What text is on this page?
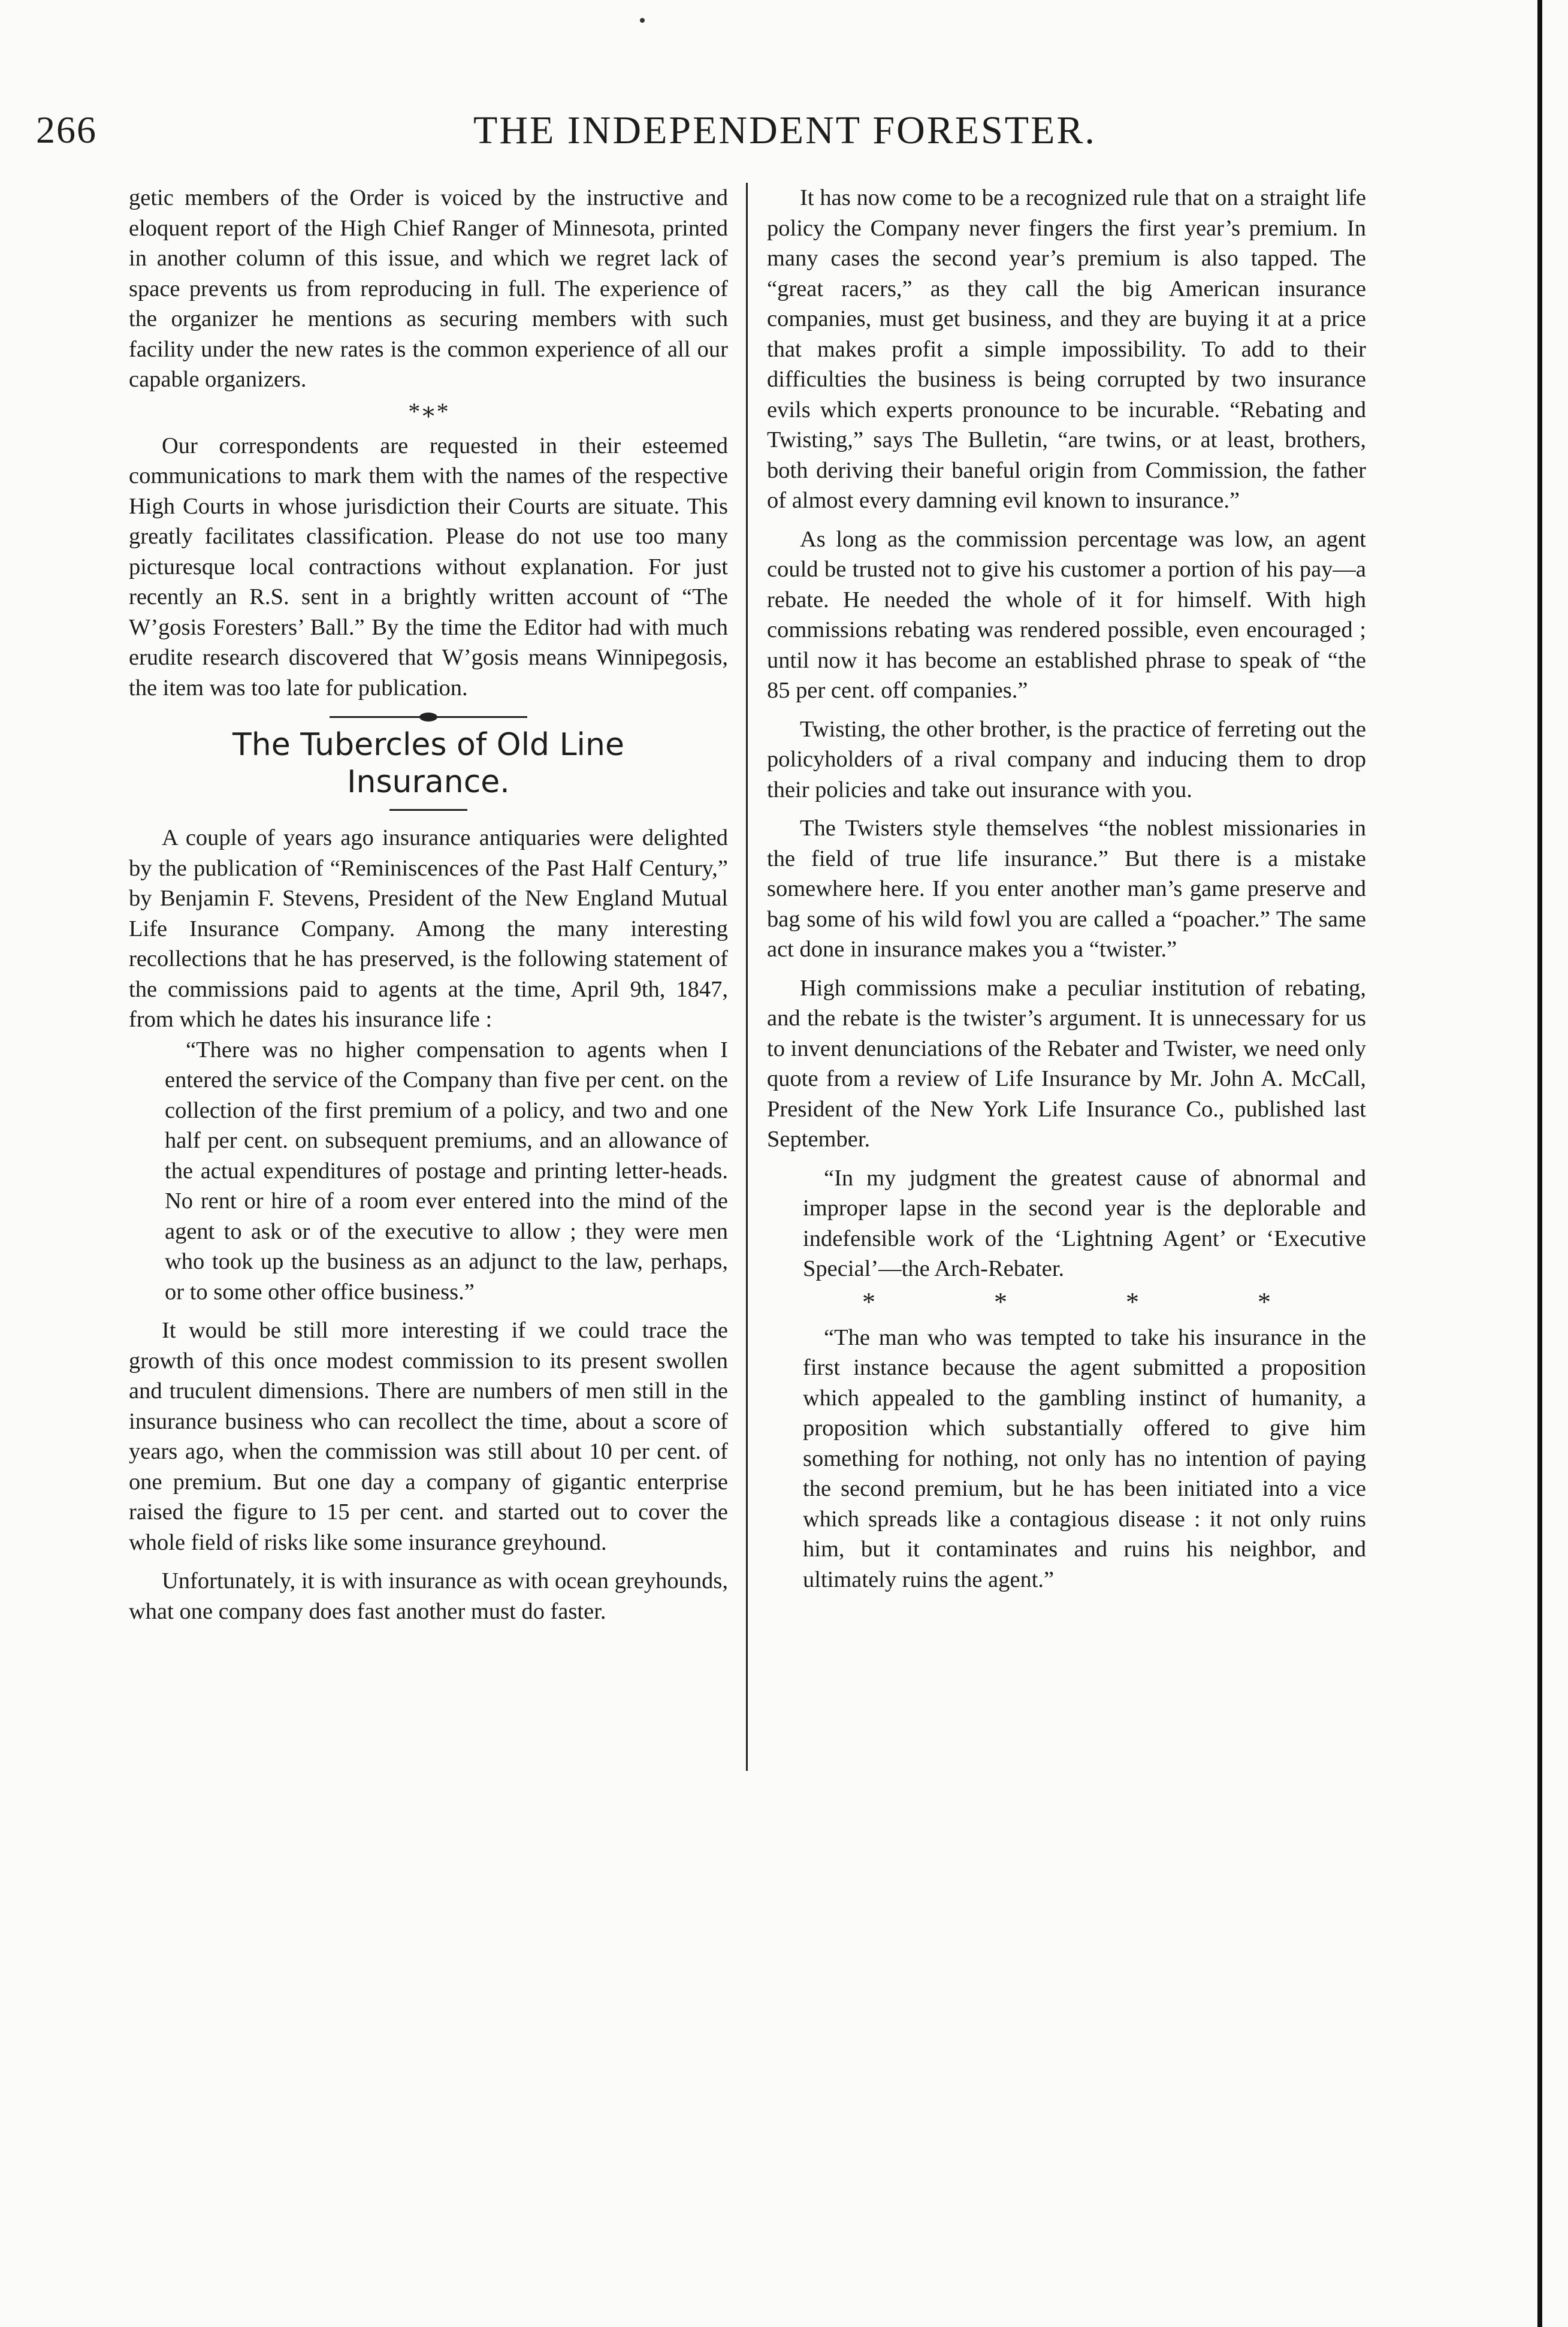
266	THE INDEPENDENT FORESTER.

getic members of the Order is voiced by the instructive and eloquent report of the High Chief Ranger of Minnesota, printed in another column of this issue, and which we regret lack of space prevents us from reproducing in full. The experience of the organizer he mentions as securing members with such facility under the new rates is the common experience of all our capable organizers.

*∗*

Our correspondents are requested in their esteemed communications to mark them with the names of the respective High Courts in whose jurisdiction their Courts are situate. This greatly facilitates classification. Please do not use too many picturesque local contractions without explanation. For just recently an R.S. sent in a brightly written account of “The W’gosis Foresters’ Ball.” By the time the Editor had with much erudite research discovered that W’gosis means Winnipegosis, the item was too late for publication.

The Tubercles of Old Line
Insurance.

A couple of years ago insurance antiquaries were delighted by the publication of “Reminiscences of the Past Half Century,” by Benjamin F. Stevens, President of the New England Mutual Life Insurance Company. Among the many interesting recollections that he has preserved, is the following statement of the commissions paid to agents at the time, April 9th, 1847, from which he dates his insurance life :

“There was no higher compensation to agents when I entered the service of the Company than five per cent. on the collection of the first premium of a policy, and two and one half per cent. on subsequent premiums, and an allowance of the actual expenditures of postage and printing letter-heads. No rent or hire of a room ever entered into the mind of the agent to ask or of the executive to allow ; they were men who took up the business as an adjunct to the law, perhaps, or to some other office business.”

It would be still more interesting if we could trace the growth of this once modest commission to its present swollen and truculent dimensions. There are numbers of men still in the insurance business who can recollect the time, about a score of years ago, when the commission was still about 10 per cent. of one premium. But one day a company of gigantic enterprise raised the figure to 15 per cent. and started out to cover the whole field of risks like some insurance greyhound.

Unfortunately, it is with insurance as with ocean greyhounds, what one company does fast another must do faster.

It has now come to be a recognized rule that on a straight life policy the Company never fingers the first year’s premium. In many cases the second year’s premium is also tapped. The “great racers,” as they call the big American insurance companies, must get business, and they are buying it at a price that makes profit a simple impossibility. To add to their difficulties the business is being corrupted by two insurance evils which experts pronounce to be incurable. “Rebating and Twisting,” says The Bulletin, “are twins, or at least, brothers, both deriving their baneful origin from Commission, the father of almost every damning evil known to insurance.”

As long as the commission percentage was low, an agent could be trusted not to give his customer a portion of his pay—a rebate. He needed the whole of it for himself. With high commissions rebating was rendered possible, even encouraged ; until now it has become an established phrase to speak of “the 85 per cent. off companies.”

Twisting, the other brother, is the practice of ferreting out the policyholders of a rival company and inducing them to drop their policies and take out insurance with you.

The Twisters style themselves “the noblest missionaries in the field of true life insurance.” But there is a mistake somewhere here. If you enter another man’s game preserve and bag some of his wild fowl you are called a “poacher.” The same act done in insurance makes you a “twister.”

High commissions make a peculiar institution of rebating, and the rebate is the twister’s argument. It is unnecessary for us to invent denunciations of the Rebater and Twister, we need only quote from a review of Life Insurance by Mr. John A. McCall, President of the New York Life Insurance Co., published last September.

“In my judgment the greatest cause of abnormal and improper lapse in the second year is the deplorable and indefensible work of the ‘Lightning Agent’ or ‘Executive Special’—the Arch-Rebater.

*	*	*	*

“The man who was tempted to take his insurance in the first instance because the agent submitted a proposition which appealed to the gambling instinct of humanity, a proposition which substantially offered to give him something for nothing, not only has no intention of paying the second premium, but he has been initiated into a vice which spreads like a contagious disease : it not only ruins him, but it contaminates and ruins his neighbor, and ultimately ruins the agent.”
